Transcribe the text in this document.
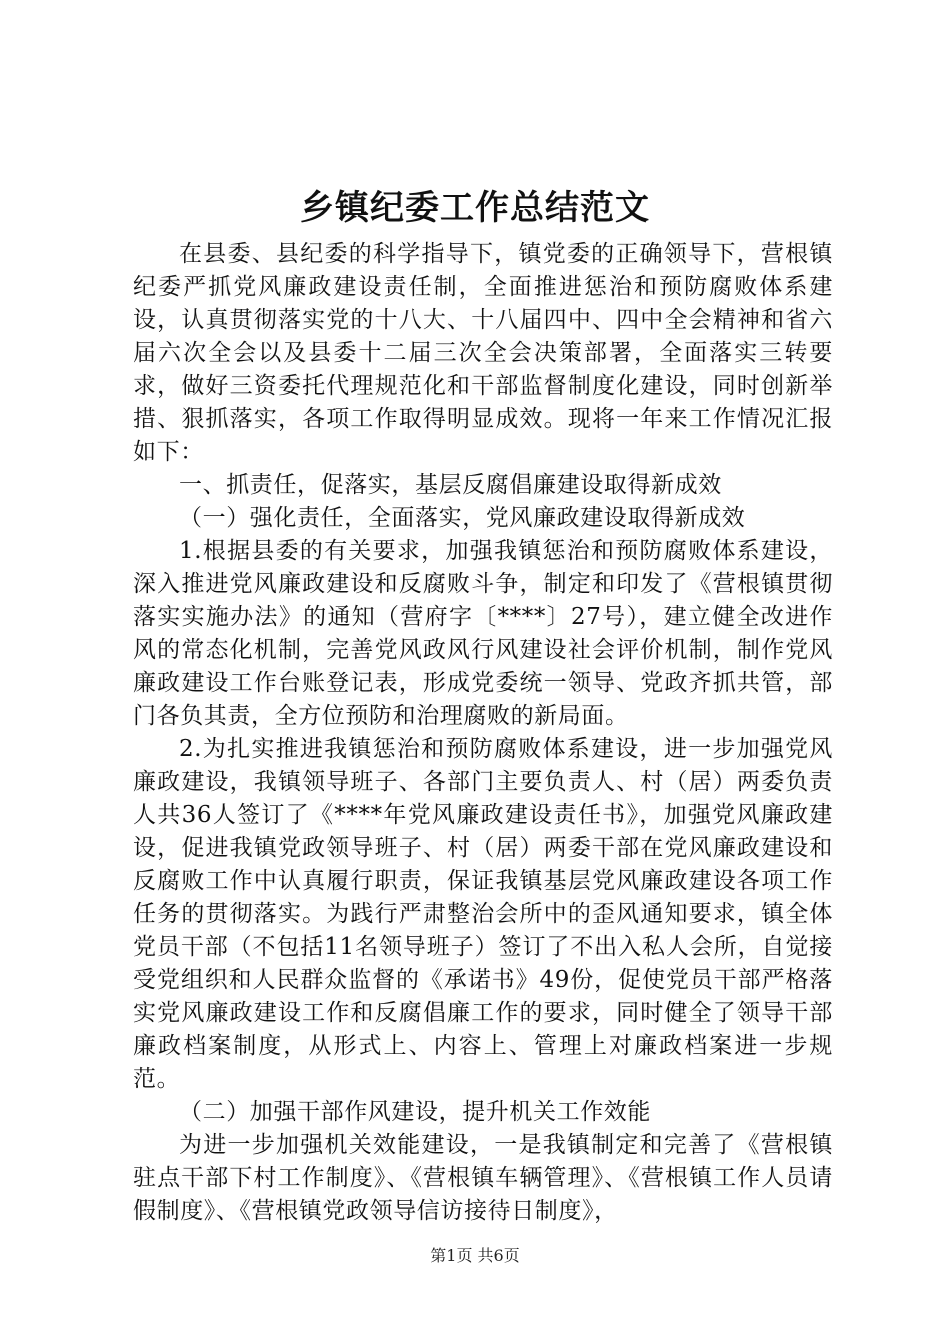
乡镇纪委工作总结范文

在县委、县纪委的科学指导下，镇党委的正确领导下，营根镇纪委严抓党风廉政建设责任制，全面推进惩治和预防腐败体系建设，认真贯彻落实党的十八大、十八届四中、四中全会精神和省六届六次全会以及县委十二届三次全会决策部署，全面落实三转要求，做好三资委托代理规范化和干部监督制度化建设，同时创新举措、狠抓落实，各项工作取得明显成效。现将一年来工作情况汇报如下：

一、抓责任，促落实，基层反腐倡廉建设取得新成效

（一）强化责任，全面落实，党风廉政建设取得新成效

1.根据县委的有关要求，加强我镇惩治和预防腐败体系建设，深入推进党风廉政建设和反腐败斗争，制定和印发了《营根镇贯彻落实实施办法》的通知（营府字〔****〕27号），建立健全改进作风的常态化机制，完善党风政风行风建设社会评价机制，制作党风廉政建设工作台账登记表，形成党委统一领导、党政齐抓共管，部门各负其责，全方位预防和治理腐败的新局面。

2.为扎实推进我镇惩治和预防腐败体系建设，进一步加强党风廉政建设，我镇领导班子、各部门主要负责人、村（居）两委负责人共36人签订了《****年党风廉政建设责任书》，加强党风廉政建设，促进我镇党政领导班子、村（居）两委干部在党风廉政建设和反腐败工作中认真履行职责，保证我镇基层党风廉政建设各项工作任务的贯彻落实。为践行严肃整治会所中的歪风通知要求，镇全体党员干部（不包括11名领导班子）签订了不出入私人会所，自觉接受党组织和人民群众监督的《承诺书》49份，促使党员干部严格落实党风廉政建设工作和反腐倡廉工作的要求，同时健全了领导干部廉政档案制度，从形式上、内容上、管理上对廉政档案进一步规范。

（二）加强干部作风建设，提升机关工作效能

为进一步加强机关效能建设，一是我镇制定和完善了《营根镇驻点干部下村工作制度》、《营根镇车辆管理》、《营根镇工作人员请假制度》、《营根镇党政领导信访接待日制度》，

第1页 共6页
